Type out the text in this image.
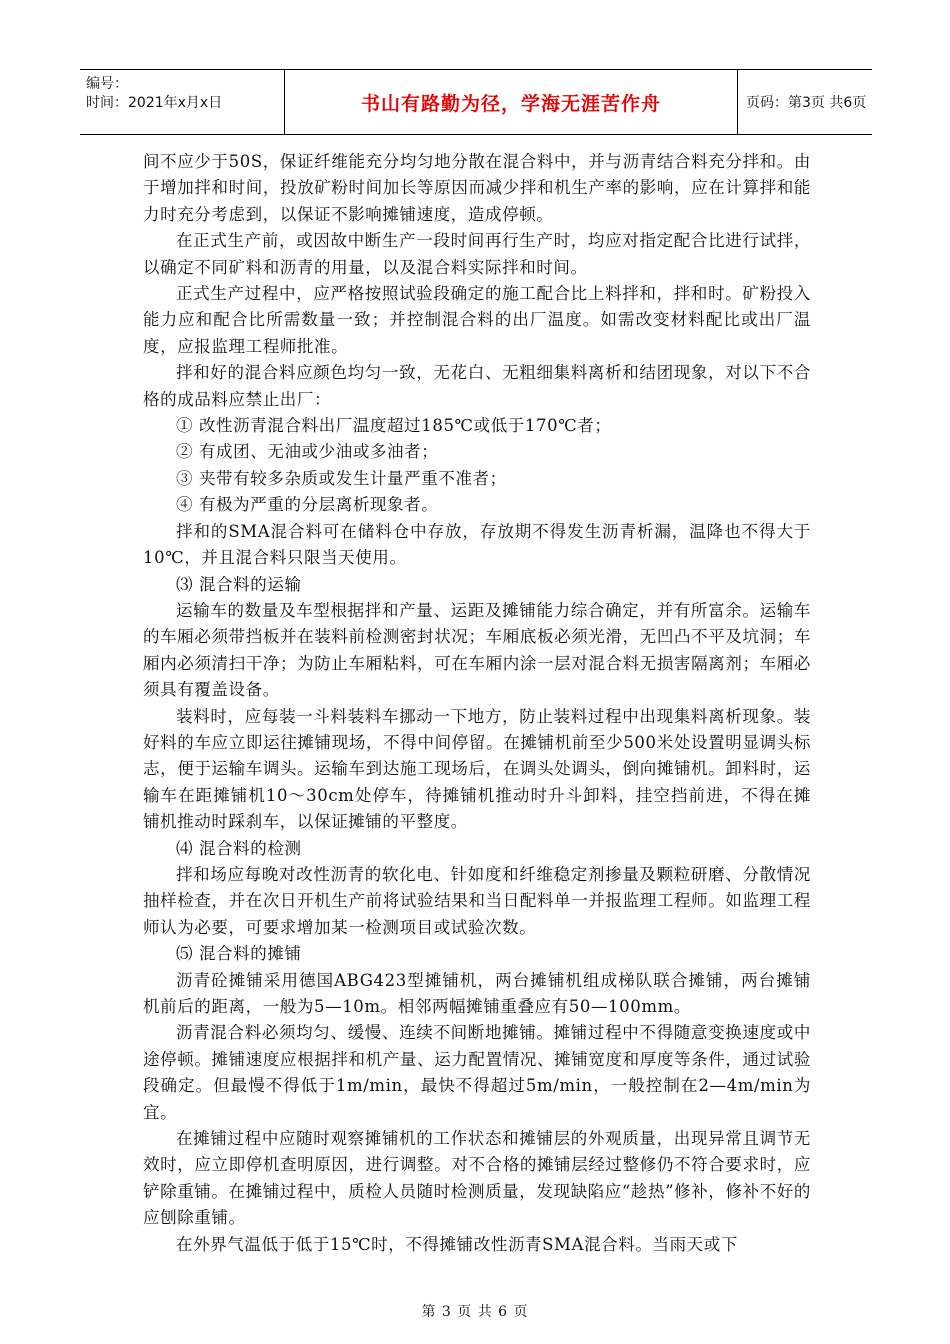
编号：
时间：2021年x月x日	书山有路勤为径，学海无涯苦作舟	页码：第3页 共6页

间不应少于50S，保证纤维能充分均匀地分散在混合料中，并与沥青结合料充分拌和。由于增加拌和时间，投放矿粉时间加长等原因而减少拌和机生产率的影响，应在计算拌和能力时充分考虑到，以保证不影响摊铺速度，造成停顿。

在正式生产前，或因故中断生产一段时间再行生产时，均应对指定配合比进行试拌，以确定不同矿料和沥青的用量，以及混合料实际拌和时间。

正式生产过程中，应严格按照试验段确定的施工配合比上料拌和，拌和时。矿粉投入能力应和配合比所需数量一致；并控制混合料的出厂温度。如需改变材料配比或出厂温度，应报监理工程师批准。

拌和好的混合料应颜色均匀一致，无花白、无粗细集料离析和结团现象，对以下不合格的成品料应禁止出厂：

① 改性沥青混合料出厂温度超过185℃或低于170℃者；

② 有成团、无油或少油或多油者；

③ 夹带有较多杂质或发生计量严重不准者；

④ 有极为严重的分层离析现象者。

拌和的SMA混合料可在储料仓中存放，存放期不得发生沥青析漏，温降也不得大于10℃，并且混合料只限当天使用。

⑶ 混合料的运输

运输车的数量及车型根据拌和产量、运距及摊铺能力综合确定，并有所富余。运输车的车厢必须带挡板并在装料前检测密封状况；车厢底板必须光滑，无凹凸不平及坑洞；车厢内必须清扫干净；为防止车厢粘料，可在车厢内涂一层对混合料无损害隔离剂；车厢必须具有覆盖设备。

装料时，应每装一斗料装料车挪动一下地方，防止装料过程中出现集料离析现象。装好料的车应立即运往摊铺现场，不得中间停留。在摊铺机前至少500米处设置明显调头标志，便于运输车调头。运输车到达施工现场后，在调头处调头，倒向摊铺机。卸料时，运输车在距摊铺机10～30cm处停车，待摊铺机推动时升斗卸料，挂空挡前进，不得在摊铺机推动时踩刹车，以保证摊铺的平整度。

⑷ 混合料的检测

拌和场应每晚对改性沥青的软化电、针如度和纤维稳定剂掺量及颗粒研磨、分散情况抽样检查，并在次日开机生产前将试验结果和当日配料单一并报监理工程师。如监理工程师认为必要，可要求增加某一检测项目或试验次数。

⑸ 混合料的摊铺

沥青砼摊铺采用德国ABG423型摊铺机，两台摊铺机组成梯队联合摊铺，两台摊铺机前后的距离，一般为5—10m。相邻两幅摊铺重叠应有50—100mm。

沥青混合料必须均匀、缓慢、连续不间断地摊铺。摊铺过程中不得随意变换速度或中途停顿。摊铺速度应根据拌和机产量、运力配置情况、摊铺宽度和厚度等条件，通过试验段确定。但最慢不得低于1m/min，最快不得超过5m/min，一般控制在2—4m/min为宜。

在摊铺过程中应随时观察摊铺机的工作状态和摊铺层的外观质量，出现异常且调节无效时，应立即停机查明原因，进行调整。对不合格的摊铺层经过整修仍不符合要求时，应铲除重铺。在摊铺过程中，质检人员随时检测质量，发现缺陷应“趁热”修补，修补不好的应刨除重铺。

在外界气温低于低于15℃时，不得摊铺改性沥青SMA混合料。当雨天或下

第 3 页 共 6 页
